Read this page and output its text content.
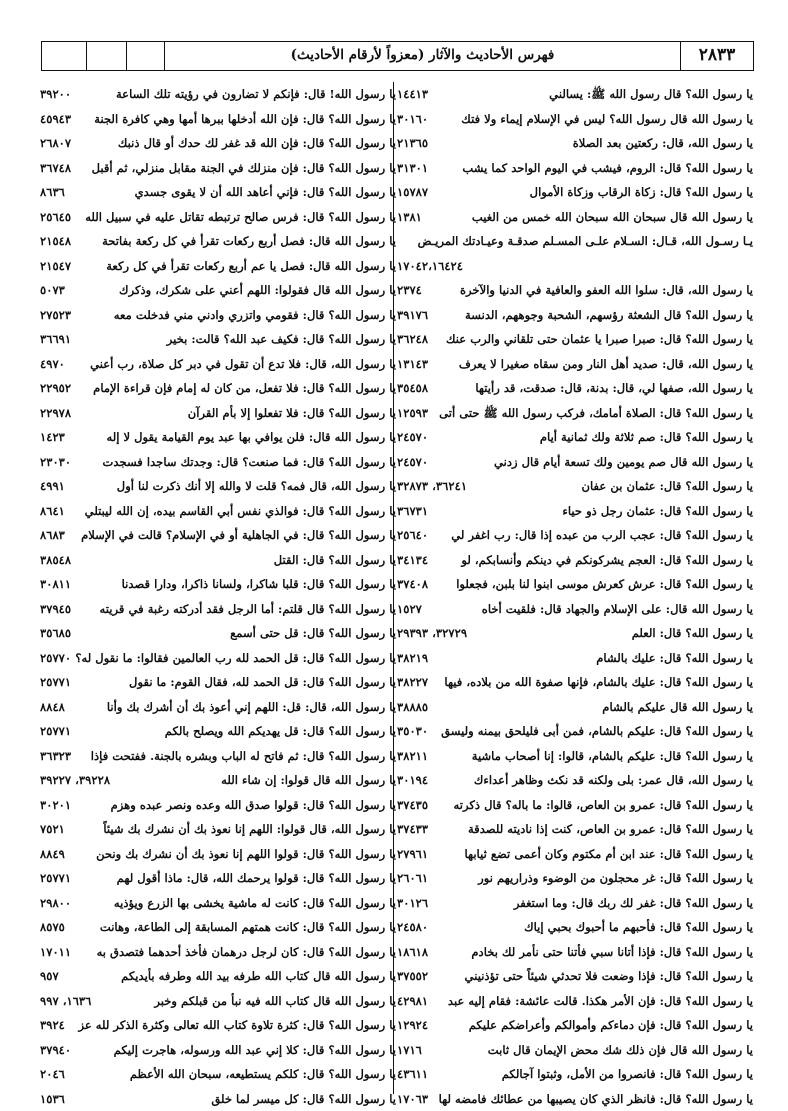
فهرس الأحاديث والآثار (معزواً لأرقام الأحاديث)	٢٨٣٣
يا رسول الله؟ قال رسول الله ﷺ: يسالني
١٤٤١٣
يا رسول الله قال رسول الله؟ ليس في الإسلام إيماء ولا فتك
٣٠١٦٠
يا رسول الله، قال: ركعتين بعد الصلاة
٢١٣٦٥
يا رسول الله؟ قال: الروم، فيشب في اليوم الواحد كما يشب
٣١٣٠١
يا رسول الله؟ قال: زكاة الرقاب وزكاة الأموال
١٥٧٨٧
يا رسول الله قال سبحان الله سبحان الله خمس من الغيب
١٣٨١
يـا رسـول الله، قـال: السـلام علـى المسـلم صدقـة وعيـادتك المريـض
١٧٠٤٢،١٦٤٢٤
يا رسول الله، قال: سلوا الله العفو والعافية في الدنيا والآخرة
٢٣٧٤
يا رسول الله؟ قال الشعثة رؤسهم، الشحبة وجوههم، الدنسة
٣٩١٧٦
يا رسول الله؟ قال: صبرا صبرا يا عثمان حتى تلقاني والرب عنك
٣٦٢٤٨
يا رسول الله، قال: صديد أهل النار ومن سقاه صغيرا لا يعرف
١٣١٤٣
يا رسول الله، صفها لي، قال: بدنة، قال: صدقت، قد رأيتها
٣٥٤٥٨
يا رسول الله؟ قال: الصلاة أمامك، فركب رسول الله ﷺ حتى أتى
١٢٥٩٣
يا رسول الله؟ قال: صم ثلاثة ولك ثمانية أيام
٢٤٥٧٠
يا رسول الله قال صم يومين ولك تسعة أيام قال زدني
٢٤٥٧٠
يا رسول الله؟ قال: عثمان بن عفان
٣٦٢٤١، ٣٢٨٧٣
يا رسول الله؟ قال: عثمان رجل ذو حياء
٣٦٧٣١
يا رسول الله؟ قال: عجب الرب من عبده إذا قال: رب اغفر لي
٢٥٦٤٠
يا رسول الله؟ قال: العجم يشركونكم في دينكم وأنسابكم، لو
٣٤١٣٤
يا رسول الله؟ قال: عرش كعرش موسى ابنوا لنا بلبن، فجعلوا
٣٧٤٠٨
يا رسول الله قال: على الإسلام والجهاد قال: فلقيت أخاه
١٥٢٧
يا رسول الله؟ قال: العلم
٣٢٧٢٩، ٢٩٣٩٣
يا رسول الله؟ قال: عليك بالشام
٣٨٢١٩
يا رسول الله؟ قال: عليك بالشام، فإنها صفوة الله من بلاده، فيها
٣٨٢٢٧
يا رسول الله قال عليكم بالشام
٣٨٨٨٥
يا رسول الله؟ قال: عليكم بالشام، فمن أبى فليلحق بيمنه وليسق
٣٥٠٣٠
يا رسول الله؟ قال: عليكم بالشام، قالوا: إنا أصحاب ماشية
٣٨٢١١
يا رسول الله، قال عمر: بلى ولكنه قد نكث وظاهر أعداءك
٣٠١٩٤
يا رسول الله؟ قال: عمرو بن العاص، قالوا: ما باله؟ قال ذكرته
٣٧٤٣٥
يا رسول الله؟ قال: عمرو بن العاص، كنت إذا ناديته للصدقة
٣٧٤٣٣
يا رسول الله؟ قال: عند ابن أم مكتوم وكان أعمى تضع ثيابها
٢٧٩٦١
يا رسول الله؟ قال: غر محجلون من الوضوء وذراريهم نور
٢٦٠٦١
يا رسول الله؟ قال: غفر لك ربك قال: وما استغفر
٣٠١٢٦
يا رسول الله؟ قال: فأحبهم ما أحبوك بحبي إياك
٢٤٥٨٠
يا رسول الله؟ قال: فإذا أتانا سبي فأتنا حتى نأمر لك بخادم
١٨٦١٨
يا رسول الله؟ قال: فإذا وضعت فلا تحدثي شيئاً حتى تؤذنيني
٣٧٥٥٢
يا رسول الله؟ قال: فإن الأمر هكذا. قالت عائشة: فقام إليه عبد
٤٢٩٨١
يا رسول الله؟ قال: فإن دماءكم وأموالكم وأعراضكم عليكم
١٢٩٢٤
يا رسول الله قال فإن ذلك شك محض الإيمان قال ثابت
١٧١٦
يا رسول الله؟ قال: فانصروا من الأمل، وثبتوا آجالكم
٤٣٦١١
يا رسول الله؟ قال: فانظر الذي كان يصيبها من عطائك فامضه لها
١٧٠٦٣
يا رسول الله! قال: فإنكم لا تضارون في رؤيته تلك الساعة
٣٩٢٠٠
يا رسول الله؟ قال: فإن الله أدخلها ببرها أمها وهي كافرة الجنة
٤٥٩٤٣
يا رسول الله؟ قال: فإن الله قد غفر لك حدك أو قال ذنبك
٢٦٨٠٧
يا رسول الله؟ قال: فإن منزلك في الجنة مقابل منزلي، ثم أقبل
٣٦٧٤٨
يا رسول الله؟ قال: فإني أعاهد الله أن لا يقوى جسدي
٨٦٣٦
يا رسول الله؟ قال: فرس صالح ترتبطه تقاتل عليه في سبيل الله
٢٥٦٤٥
يا رسول الله قال: فصل أربع ركعات تقرأ في كل ركعة بفاتحة
٢١٥٤٨
يا رسول الله قال: فصل يا عم أربع ركعات تقرأ في كل ركعة
٢١٥٤٧
يا رسول الله قال فقولوا: اللهم أعني على شكرك، وذكرك
٥٠٧٣
يا رسول الله؟ قال: فقومي واتزري وادني مني فدخلت معه
٢٧٥٢٣
يا رسول الله؟ قال: فكيف عبد الله؟ قالت: بخير
٣٦٦٩١
يا رسول الله، قال: فلا تدع أن تقول في دبر كل صلاة، رب أعني
٤٩٧٠
يا رسول الله؟ قال: فلا تفعل، من كان له إمام فإن قراءة الإمام
٢٢٩٥٢
يا رسول الله؟ قال: فلا تفعلوا إلا بأم القرآن
٢٢٩٧٨
يا رسول الله قال: فلن يوافي بها عبد يوم القيامة يقول لا إله
١٤٢٣
يا رسول الله؟ قال: فما صنعت؟ قال: وجدتك ساجدا فسجدت
٢٣٠٣٠
يا رسول الله، قال فمه؟ قلت لا والله إلا أنك ذكرت لنا أول
٤٩٩١
يا رسول الله؟ قال: فوالذي نفس أبي القاسم بيده، إن الله ليبتلي
٨٦٤١
يا رسول الله؟ قال: في الجاهلية أو في الإسلام؟ قالت في الإسلام
٨٦٨٣
يا رسول الله؟ قال: القتل
٣٨٥٤٨
يا رسول الله؟ قال: قلبا شاكرا، ولسانا ذاكرا، ودارا قصدنا
٣٠٨١١
يا رسول الله؟ قال قلتم: أما الرجل فقد أدركته رغبة في قريته
٣٧٩٤٥
يا رسول الله؟ قال: قل حتى أسمع
٣٥٦٨٥
يا رسول الله؟ قال: قل الحمد لله رب العالمين فقالوا: ما نقول له؟
٢٥٧٧٠
يا رسول الله؟ قال: قل الحمد لله، فقال القوم: ما نقول
٢٥٧٧١
يا رسول الله، قال: قل: اللهم إني أعوذ بك أن أشرك بك وأنا
٨٨٤٨
يا رسول الله؟ قال: قل يهديكم الله ويصلح بالكم
٢٥٧٧١
يا رسول الله؟ قال: ثم فاتح له الباب وبشره بالجنة. ففتحت فإذا
٣٦٣٢٣
يا رسول الله قال قولوا: إن شاء الله
٣٩٢٢٨، ٣٩٢٢٧
يا رسول الله؟ قال: قولوا صدق الله وعده ونصر عبده وهزم
٣٠٢٠١
يا رسول الله، قال قولوا: اللهم إنا نعوذ بك أن نشرك بك شيئاً
٧٥٢١
يا رسول الله؟ قال: قولوا اللهم إنا نعوذ بك أن نشرك بك ونحن
٨٨٤٩
يا رسول الله؟ قال: قولوا يرحمك الله، قال: ماذا أقول لهم
٢٥٧٧١
يا رسول الله؟ قال: كانت له ماشية يخشى بها الزرع ويؤذيه
٢٩٨٠٠
يا رسول الله؟ قال: كانت همتهم المسابقة إلى الطاعة، وهانت
٨٥٧٥
يا رسول الله؟ قال: كان لرجل درهمان فأخذ أحدهما فتصدق به
١٧٠١١
يا رسول الله قال كتاب الله طرفه بيد الله وطرفه بأيديكم
٩٥٧
يا رسول الله قال كتاب الله فيه نبأ من قبلكم وخبر
١٦٣٦، ٩٩٧
يا رسول الله؟ قال: كثرة تلاوة كتاب الله تعالى وكثرة الذكر لله عز
٣٩٢٤
يا رسول الله؟ قال: كلا إني عبد الله ورسوله، هاجرت إليكم
٣٧٩٤٠
يا رسول الله؟ قال: كلكم يستطيعه، سبحان الله الأعظم
٢٠٤٦
يا رسول الله؟ قال: كل ميسر لما خلق
١٥٣٦
